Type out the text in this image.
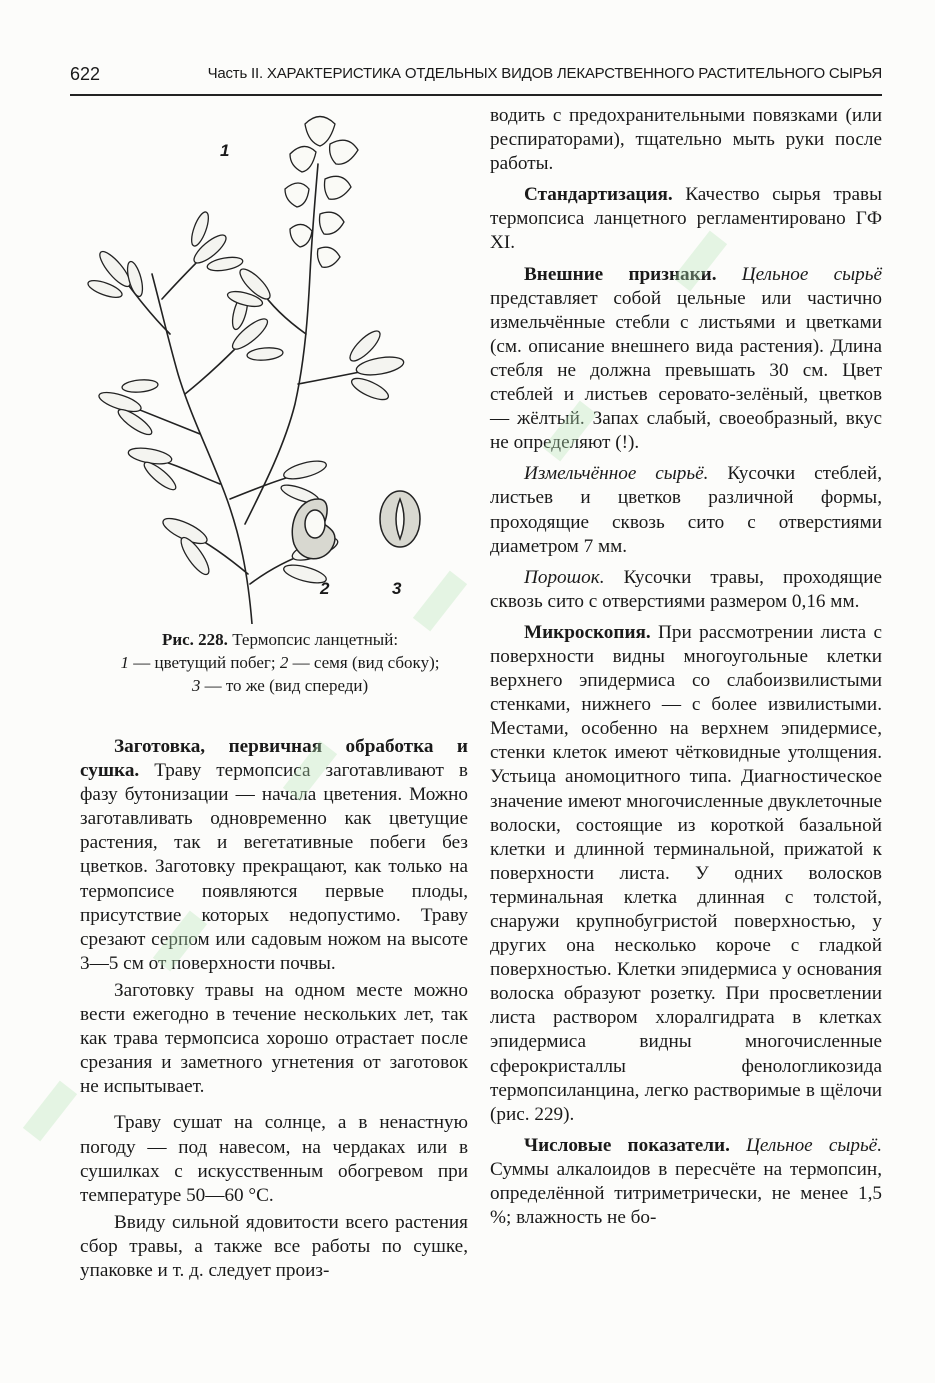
622	Часть II. ХАРАКТЕРИСТИКА ОТДЕЛЬНЫХ ВИДОВ ЛЕКАРСТВЕННОГО РАСТИТЕЛЬНОГО СЫРЬЯ
1
2	3
Рис. 228. Термопсис ланцетный:
1 — цветущий побег; 2 — семя (вид сбоку);
3 — то же (вид спереди)

Заготовка, первичная обработка и сушка. Траву термопсиса заготавливают в фазу бутонизации — начала цветения. Можно заготавливать одновременно как цветущие растения, так и вегетативные побеги без цветков. Заготовку прекращают, как только на термопсисе появляются первые плоды, присутствие которых недопустимо. Траву срезают серпом или садовым ножом на высоте 3—5 см от поверхности почвы.

Заготовку травы на одном месте можно вести ежегодно в течение нескольких лет, так как трава термопсиса хорошо отрастает после срезания и заметного угнетения от заготовок не испытывает.

Траву сушат на солнце, а в ненастную погоду — под навесом, на чердаках или в сушилках с искусственным обогревом при температуре 50—60 °С.

Ввиду сильной ядовитости всего растения сбор травы, а также все работы по сушке, упаковке и т. д. следует произ-

водить с предохранительными повязками (или респираторами), тщательно мыть руки после работы.

Стандартизация. Качество сырья травы термопсиса ланцетного регламентировано ГФ XI.

Внешние признаки. Цельное сырьё представляет собой цельные или частично измельчённые стебли с листьями и цветками (см. описание внешнего вида растения). Длина стебля не должна превышать 30 см. Цвет стеблей и листьев серовато-зелёный, цветков — жёлтый. Запах слабый, своеобразный, вкус не определяют (!).

Измельчённое сырьё. Кусочки стеблей, листьев и цветков различной формы, проходящие сквозь сито с отверстиями диаметром 7 мм.

Порошок. Кусочки травы, проходящие сквозь сито с отверстиями размером 0,16 мм.

Микроскопия. При рассмотрении листа с поверхности видны многоугольные клетки верхнего эпидермиса со слабоизвилистыми стенками, нижнего — с более извилистыми. Местами, особенно на верхнем эпидермисе, стенки клеток имеют чётковидные утолщения. Устьица аномоцитного типа. Диагностическое значение имеют многочисленные двуклеточные волоски, состоящие из короткой базальной клетки и длинной терминальной, прижатой к поверхности листа. У одних волосков терминальная клетка длинная с толстой, снаружи крупнобугристой поверхностью, у других она несколько короче с гладкой поверхностью. Клетки эпидермиса у основания волоска образуют розетку. При просветлении листа раствором хлоралгидрата в клетках эпидермиса видны многочисленные сферокристаллы фенологликозида термопсиланцина, легко растворимые в щёлочи (рис. 229).

Числовые показатели. Цельное сырьё. Суммы алкалоидов в пересчёте на термопсин, определённой титриметрически, не менее 1,5 %; влажность не бо-
